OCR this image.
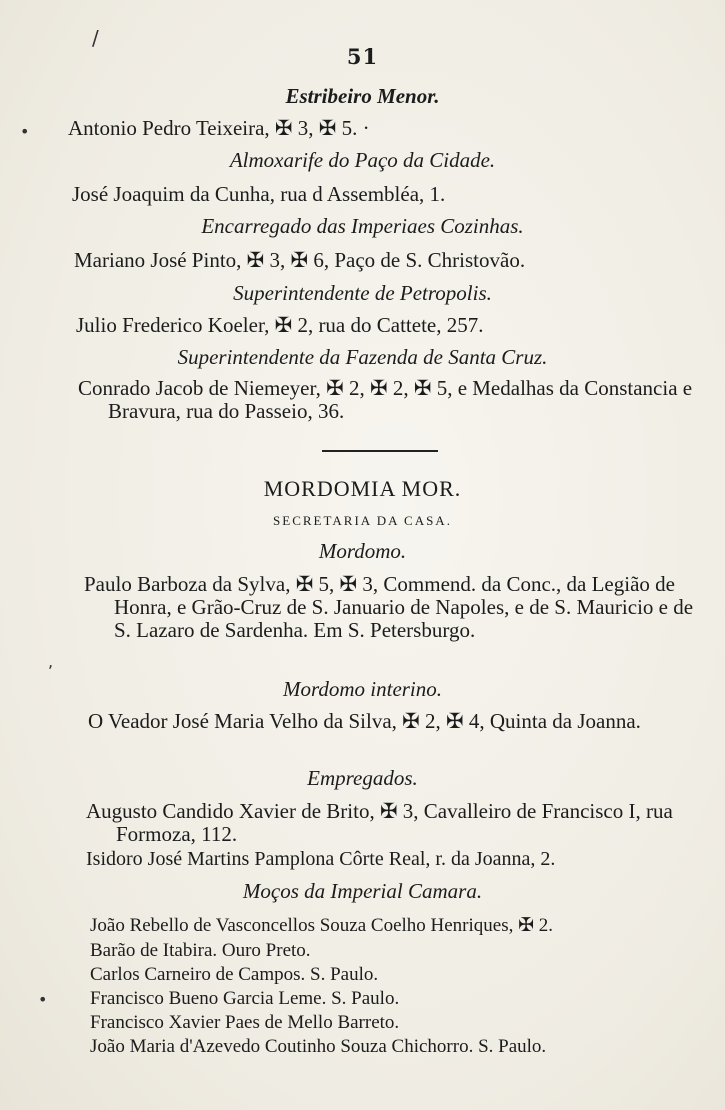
/
•
,
•
51
Estribeiro Menor.
Antonio Pedro Teixeira, ✠ 3, ✠ 5. ·
Almoxarife do Paço da Cidade.
José Joaquim da Cunha, rua d Assembléa, 1.
Encarregado das Imperiaes Cozinhas.
Mariano José Pinto, ✠ 3, ✠ 6, Paço de S. Christovão.
Superintendente de Petropolis.
Julio Frederico Koeler, ✠ 2, rua do Cattete, 257.
Superintendente da Fazenda de Santa Cruz.
Conrado Jacob de Niemeyer, ✠ 2, ✠ 2, ✠ 5, e Medalhas da Constancia e Bravura, rua do Passeio, 36.
MORDOMIA MOR.
SECRETARIA DA CASA.
Mordomo.
Paulo Barboza da Sylva, ✠ 5, ✠ 3, Commend. da Conc., da Legião de Honra, e Grão-Cruz de S. Januario de Napoles, e de S. Mauricio e de S. Lazaro de Sardenha. Em S. Petersburgo.
Mordomo interino.
O Veador José Maria Velho da Silva, ✠ 2, ✠ 4, Quinta da Joanna.
Empregados.
Augusto Candido Xavier de Brito, ✠ 3, Cavalleiro de Francisco I, rua Formoza, 112.
Isidoro José Martins Pamplona Côrte Real, r. da Joanna, 2.
Moços da Imperial Camara.
João Rebello de Vasconcellos Souza Coelho Henriques, ✠ 2.
Barão de Itabira. Ouro Preto.
Carlos Carneiro de Campos. S. Paulo.
Francisco Bueno Garcia Leme. S. Paulo.
Francisco Xavier Paes de Mello Barreto.
João Maria d'Azevedo Coutinho Souza Chichorro. S. Paulo.
